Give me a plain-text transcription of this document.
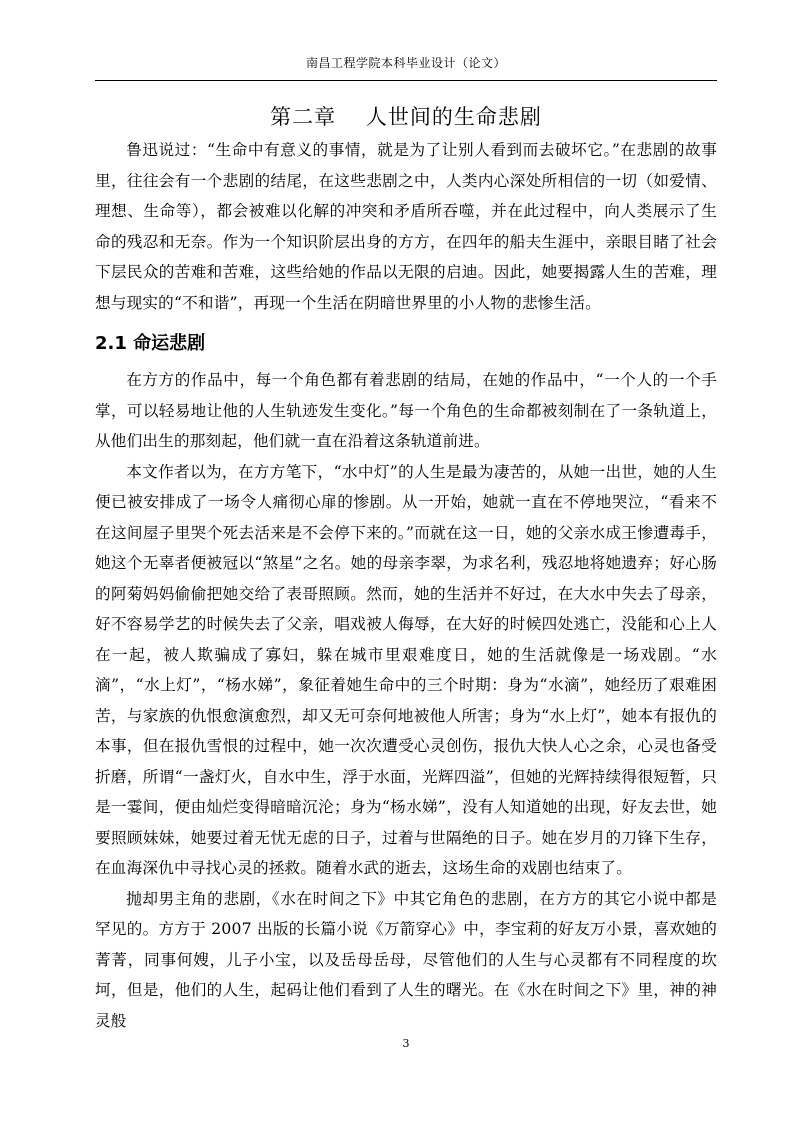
南昌工程学院本科毕业设计（论文）
第二章　 人世间的生命悲剧

鲁迅说过：“生命中有意义的事情，就是为了让别人看到而去破坏它。”在悲剧的故事里，往往会有一个悲剧的结尾，在这些悲剧之中，人类内心深处所相信的一切（如爱情、理想、生命等），都会被难以化解的冲突和矛盾所吞噬，并在此过程中，向人类展示了生命的残忍和无奈。作为一个知识阶层出身的方方，在四年的船夫生涯中，亲眼目睹了社会下层民众的苦难和苦难，这些给她的作品以无限的启迪。因此，她要揭露人生的苦难，理想与现实的“不和谐”，再现一个生活在阴暗世界里的小人物的悲惨生活。

2.1 命运悲剧

在方方的作品中，每一个角色都有着悲剧的结局，在她的作品中，“一个人的一个手掌，可以轻易地让他的人生轨迹发生变化。”每一个角色的生命都被刻制在了一条轨道上，从他们出生的那刻起，他们就一直在沿着这条轨道前进。

本文作者以为，在方方笔下，“水中灯”的人生是最为凄苦的，从她一出世，她的人生便已被安排成了一场令人痛彻心扉的惨剧。从一开始，她就一直在不停地哭泣，“看来不在这间屋子里哭个死去活来是不会停下来的。”而就在这一日，她的父亲水成王惨遭毒手，她这个无辜者便被冠以“煞星”之名。她的母亲李翠，为求名利，残忍地将她遗弃；好心肠的阿菊妈妈偷偷把她交给了表哥照顾。然而，她的生活并不好过，在大水中失去了母亲，好不容易学艺的时候失去了父亲，唱戏被人侮辱，在大好的时候四处逃亡，没能和心上人在一起，被人欺骗成了寡妇，躲在城市里艰难度日，她的生活就像是一场戏剧。“水滴”，“水上灯”，“杨水娣”，象征着她生命中的三个时期：身为“水滴”，她经历了艰难困苦，与家族的仇恨愈演愈烈，却又无可奈何地被他人所害；身为“水上灯”，她本有报仇的本事，但在报仇雪恨的过程中，她一次次遭受心灵创伤，报仇大快人心之余，心灵也备受折磨，所谓“一盏灯火，自水中生，浮于水面，光辉四溢”，但她的光辉持续得很短暂，只是一霎间，便由灿烂变得暗暗沉沦；身为“杨水娣”，没有人知道她的出现，好友去世，她要照顾妹妹，她要过着无忧无虑的日子，过着与世隔绝的日子。她在岁月的刀锋下生存，在血海深仇中寻找心灵的拯救。随着水武的逝去，这场生命的戏剧也结束了。

抛却男主角的悲剧，《水在时间之下》中其它角色的悲剧，在方方的其它小说中都是罕见的。方方于 2007 出版的长篇小说《万箭穿心》中，李宝莉的好友万小景，喜欢她的菁菁，同事何嫂，儿子小宝，以及岳母岳母，尽管他们的人生与心灵都有不同程度的坎坷，但是，他们的人生，起码让他们看到了人生的曙光。在《水在时间之下》里，神的神灵般

3
